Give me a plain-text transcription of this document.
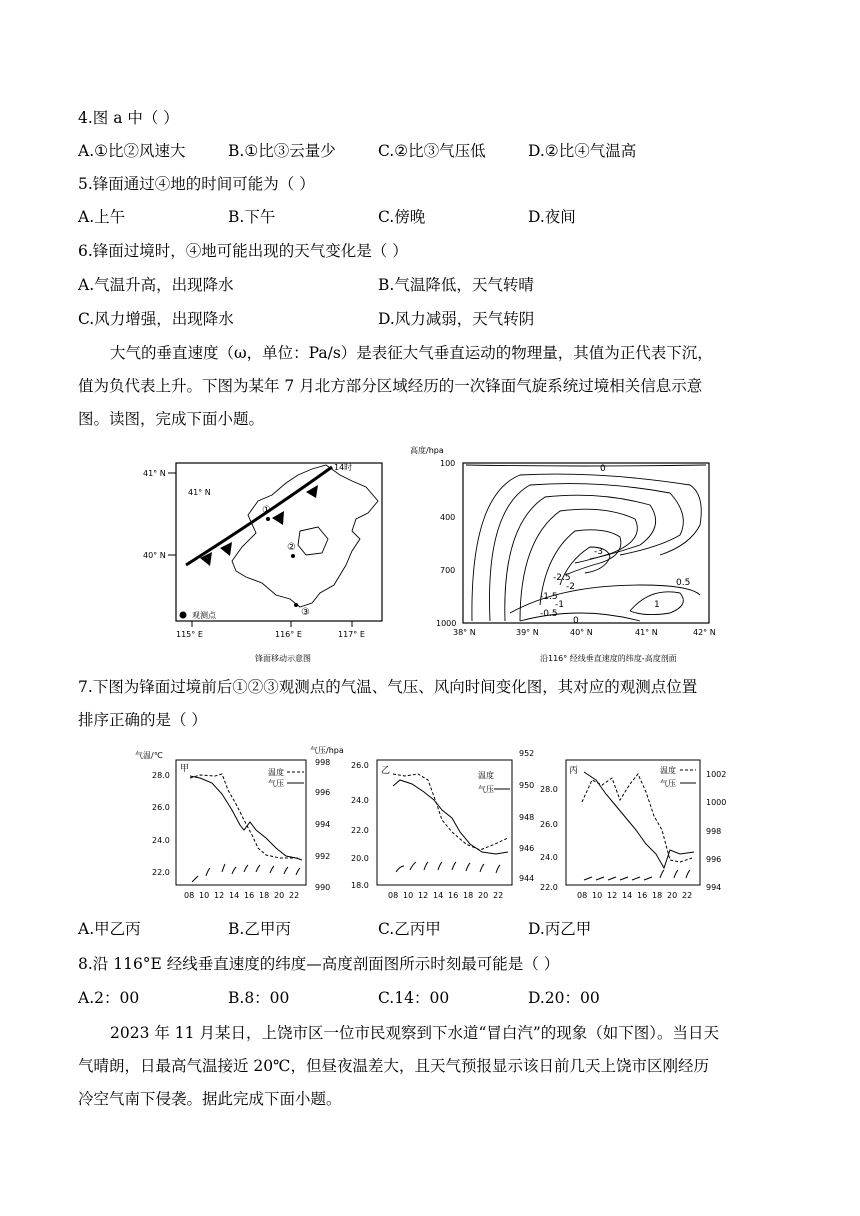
4.图 a 中（ ）
A.①比②风速大	B.①比③云量少	C.②比③气压低	D.②比④气温高
5.锋面通过④地的时间可能为（ ）
A.上午	B.下午	C.傍晚	D.夜间
6.锋面过境时，④地可能出现的天气变化是（ ）
A.气温升高，出现降水	B.气温降低，天气转晴
C.风力增强，出现降水	D.风力减弱，天气转阴
大气的垂直速度（ω，单位：Pa/s）是表征大气垂直运动的物理量，其值为正代表下沉，
值为负代表上升。下图为某年 7 月北方部分区域经历的一次锋面气旋系统过境相关信息示意
图。读图，完成下面小题。
41° N
40° N
41° N
115° E	116° E	117° E
14时
①
②
③
观测点
锋面移动示意图
高度/hpa
100
400
700
1000
38° N	39° N	40° N	41° N	42° N
0
-3
-2.5
-2
-1.5
-1
-0.5
0.5
1
0
沿116° 经线垂直速度的纬度-高度剖面
7.下图为锋面过境前后①②③观测点的气温、气压、风向时间变化图，其对应的观测点位置
排序正确的是（ ）
气温/℃
气压/hpa
甲
28.0
26.0
24.0
22.0
998
996
994
992
990
温度
气压
08 10 12 14 16 18 20 22
乙
26.0
24.0
22.0
20.0
18.0
952
950
948
946
944
温度
气压
08 10 12 14 16 18 20 22
丙
28.0
26.0
24.0
22.0
1002
1000
998
996
994
温度
气压
08 10 12 14 16 18 20 22
A.甲乙丙	B.乙甲丙	C.乙丙甲	D.丙乙甲
8.沿 116°E 经线垂直速度的纬度—高度剖面图所示时刻最可能是（ ）
A.2：00	B.8：00	C.14：00	D.20：00
2023 年 11 月某日，上饶市区一位市民观察到下水道“冒白汽”的现象（如下图）。当日天
气晴朗，日最高气温接近 20℃，但昼夜温差大，且天气预报显示该日前几天上饶市区刚经历
冷空气南下侵袭。据此完成下面小题。
